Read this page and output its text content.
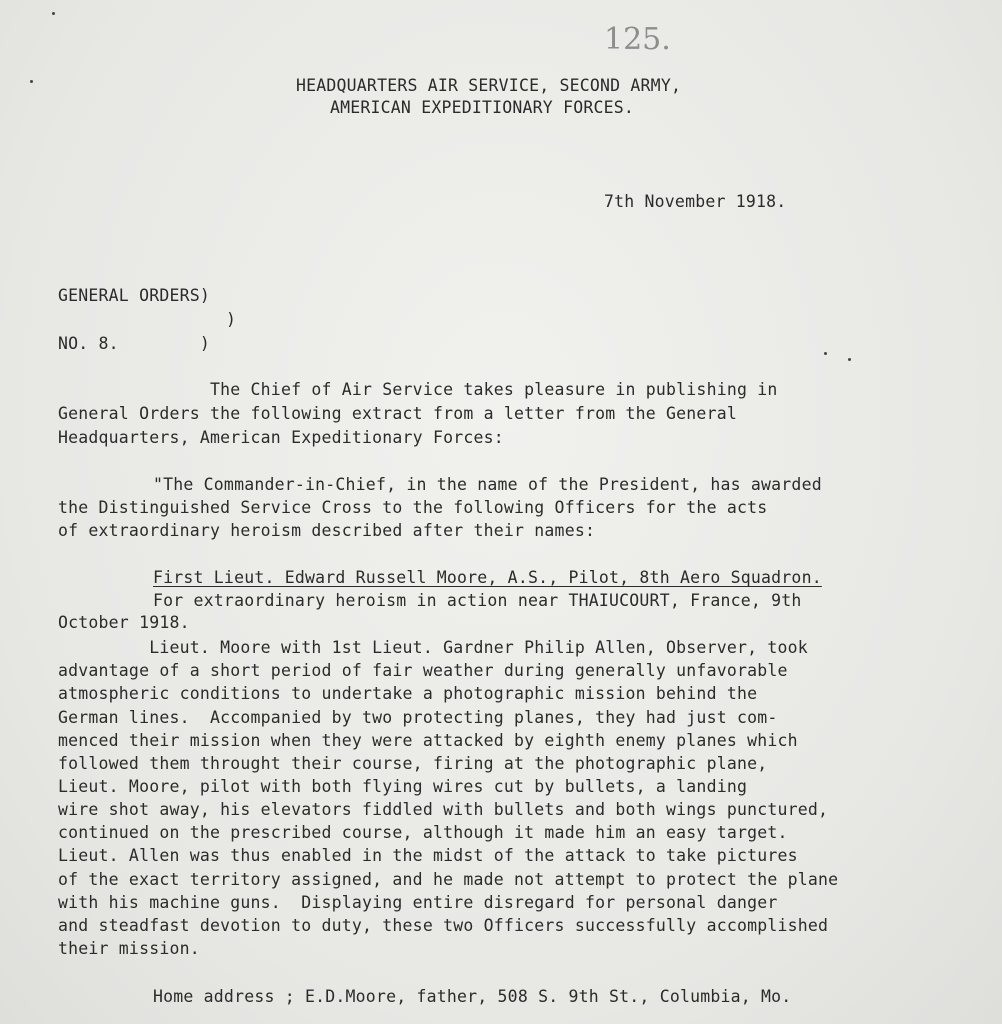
125.
HEADQUARTERS AIR SERVICE, SECOND ARMY,
AMERICAN EXPEDITIONARY FORCES.
7th November 1918.
GENERAL ORDERS)
)
NO. 8.        )
The Chief of Air Service takes pleasure in publishing in
General Orders the following extract from a letter from the General
Headquarters, American Expeditionary Forces:
"The Commander-in-Chief, in the name of the President, has awarded
the Distinguished Service Cross to the following Officers for the acts
of extraordinary heroism described after their names:
First Lieut. Edward Russell Moore, A.S., Pilot, 8th Aero Squadron.
For extraordinary heroism in action near THAIUCOURT, France, 9th
October 1918.
Lieut. Moore with 1st Lieut. Gardner Philip Allen, Observer, took
advantage of a short period of fair weather during generally unfavorable
atmospheric conditions to undertake a photographic mission behind the
German lines.  Accompanied by two protecting planes, they had just com-
menced their mission when they were attacked by eighth enemy planes which
followed them throught their course, firing at the photographic plane,
Lieut. Moore, pilot with both flying wires cut by bullets, a landing
wire shot away, his elevators fiddled with bullets and both wings punctured,
continued on the prescribed course, although it made him an easy target.
Lieut. Allen was thus enabled in the midst of the attack to take pictures
of the exact territory assigned, and he made not attempt to protect the plane
with his machine guns.  Displaying entire disregard for personal danger
and steadfast devotion to duty, these two Officers successfully accomplished
their mission.
Home address ; E.D.Moore, father, 508 S. 9th St., Columbia, Mo.
